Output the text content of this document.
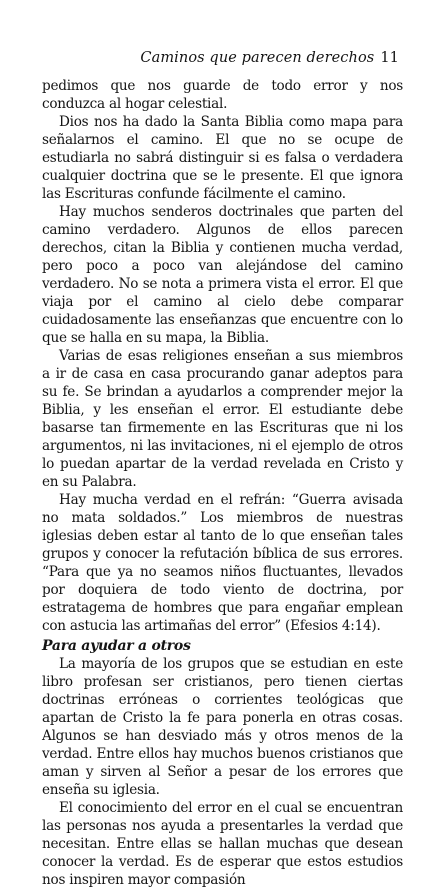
Caminos que parecen derechos 11

pedimos que nos guarde de todo error y nos conduzca al hogar celestial.

Dios nos ha dado la Santa Biblia como mapa para señalarnos el camino. El que no se ocupe de estudiarla no sabrá distinguir si es falsa o verdadera cualquier doctrina que se le presente. El que ignora las Escrituras confunde fácilmente el camino.

Hay muchos senderos doctrinales que parten del camino verdadero. Algunos de ellos parecen derechos, citan la Biblia y contienen mucha verdad, pero poco a poco van alejándose del camino verdadero. No se nota a primera vista el error. El que viaja por el camino al cielo debe comparar cuidadosamente las enseñanzas que encuentre con lo que se halla en su mapa, la Biblia.

Varias de esas religiones enseñan a sus miembros a ir de casa en casa procurando ganar adeptos para su fe. Se brindan a ayudarlos a comprender mejor la Biblia, y les enseñan el error. El estudiante debe basarse tan firmemente en las Escrituras que ni los argumentos, ni las invitaciones, ni el ejemplo de otros lo puedan apartar de la verdad revelada en Cristo y en su Palabra.

Hay mucha verdad en el refrán: “Guerra avisada no mata soldados.” Los miembros de nuestras iglesias deben estar al tanto de lo que enseñan tales grupos y conocer la refutación bíblica de sus errores. “Para que ya no seamos niños fluctuantes, llevados por doquiera de todo viento de doctrina, por estratagema de hombres que para engañar emplean con astucia las artimañas del error” (Efesios 4:14).

Para ayudar a otros

La mayoría de los grupos que se estudian en este libro profesan ser cristianos, pero tienen ciertas doctrinas erróneas o corrientes teológicas que apartan de Cristo la fe para ponerla en otras cosas. Algunos se han desviado más y otros menos de la verdad. Entre ellos hay muchos buenos cristianos que aman y sirven al Señor a pesar de los errores que enseña su iglesia.

El conocimiento del error en el cual se encuentran las personas nos ayuda a presentarles la verdad que necesitan. Entre ellas se hallan muchas que desean conocer la verdad. Es de esperar que estos estudios nos inspiren mayor compasión
